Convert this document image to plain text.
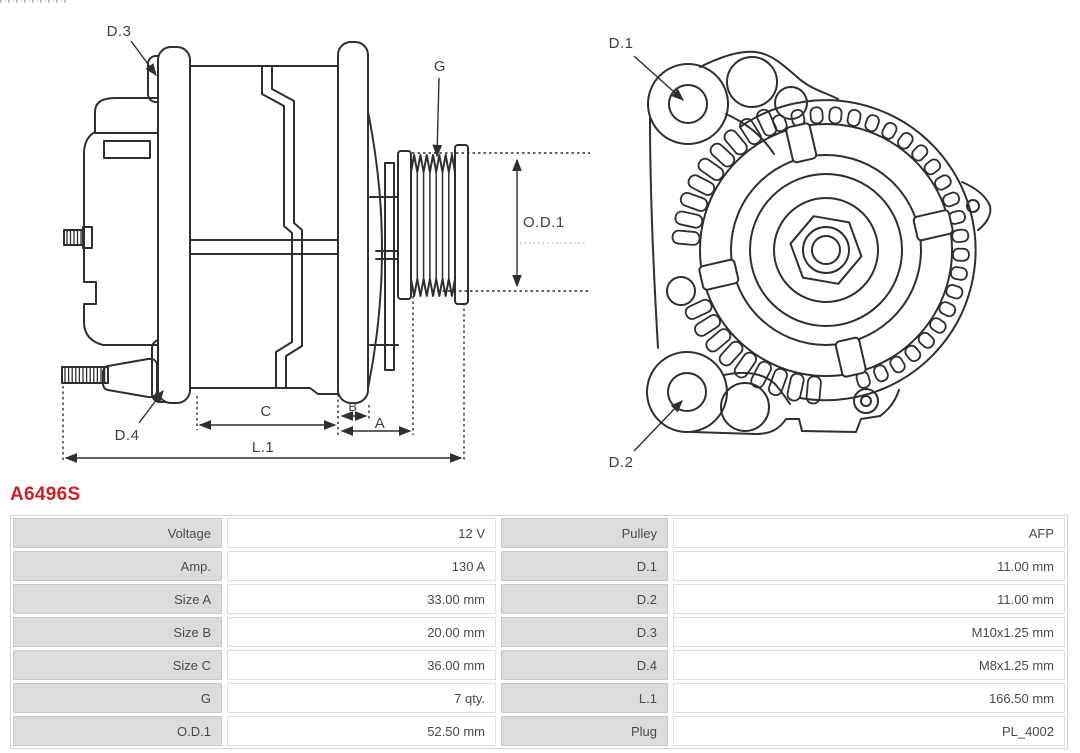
D.3
D.4
G
O.D.1
B
A
C
L.1
D.1
D.2
A6496S
Voltage	12 V	Pulley	AFP
Amp.	130 A	D.1	11.00 mm
Size A	33.00 mm	D.2	11.00 mm
Size B	20.00 mm	D.3	M10x1.25 mm
Size C	36.00 mm	D.4	M8x1.25 mm
G	7 qty.	L.1	166.50 mm
O.D.1	52.50 mm	Plug	PL_4002
